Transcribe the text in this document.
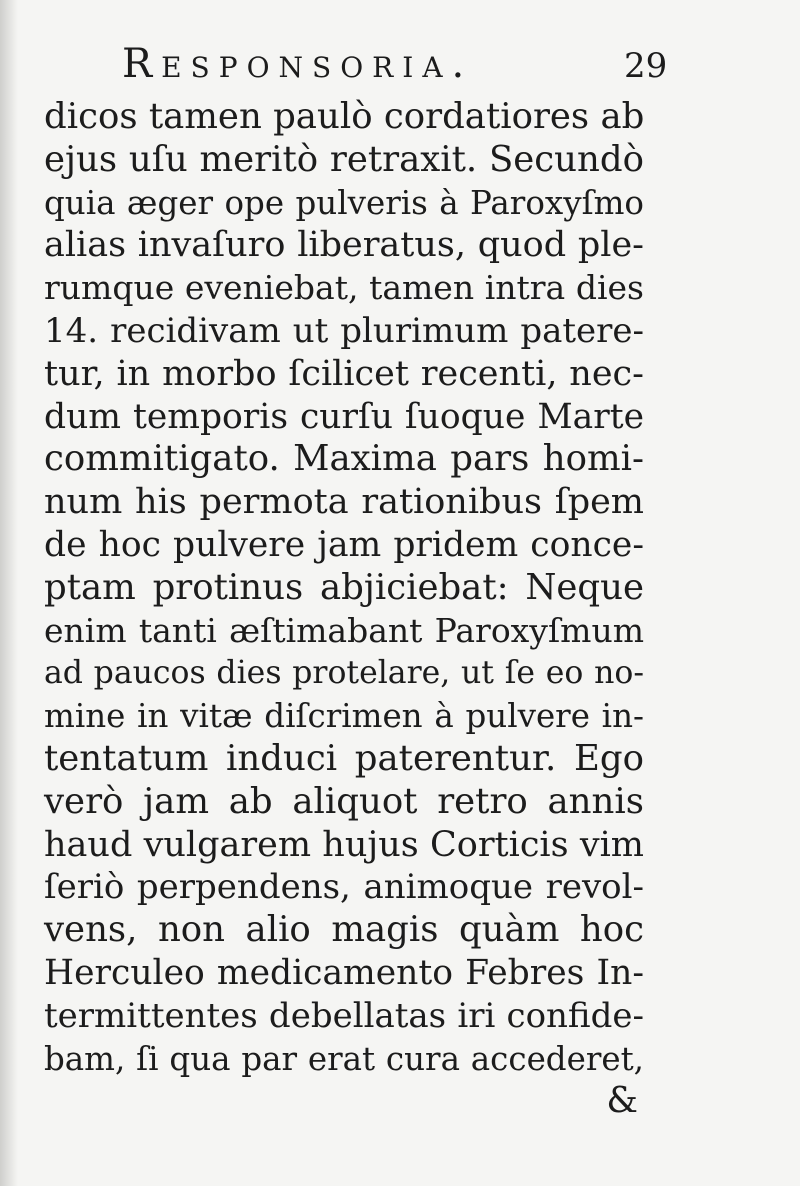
Responsoria.	29
dicos tamen paulò cordatiores ab
ejus uſu meritò retraxit. Secundò
quia æger ope pulveris à Paroxyſmo
alias invaſuro liberatus, quod ple-
rumque eveniebat, tamen intra dies
14. recidivam ut plurimum patere-
tur, in morbo ſcilicet recenti, nec-
dum temporis curſu ſuoque Marte
commitigato. Maxima pars homi-
num his permota rationibus ſpem
de hoc pulvere jam pridem conce-
ptam protinus abjiciebat: Neque
enim tanti æſtimabant Paroxyſmum
ad paucos dies protelare, ut ſe eo no-
mine in vitæ diſcrimen à pulvere in-
tentatum induci paterentur. Ego
verò jam ab aliquot retro annis
haud vulgarem hujus Corticis vim
ſeriò perpendens, animoque revol-
vens, non alio magis quàm hoc
Herculeo medicamento Febres In-
termittentes debellatas iri confide-
bam, ſi qua par erat cura accederet,
&
